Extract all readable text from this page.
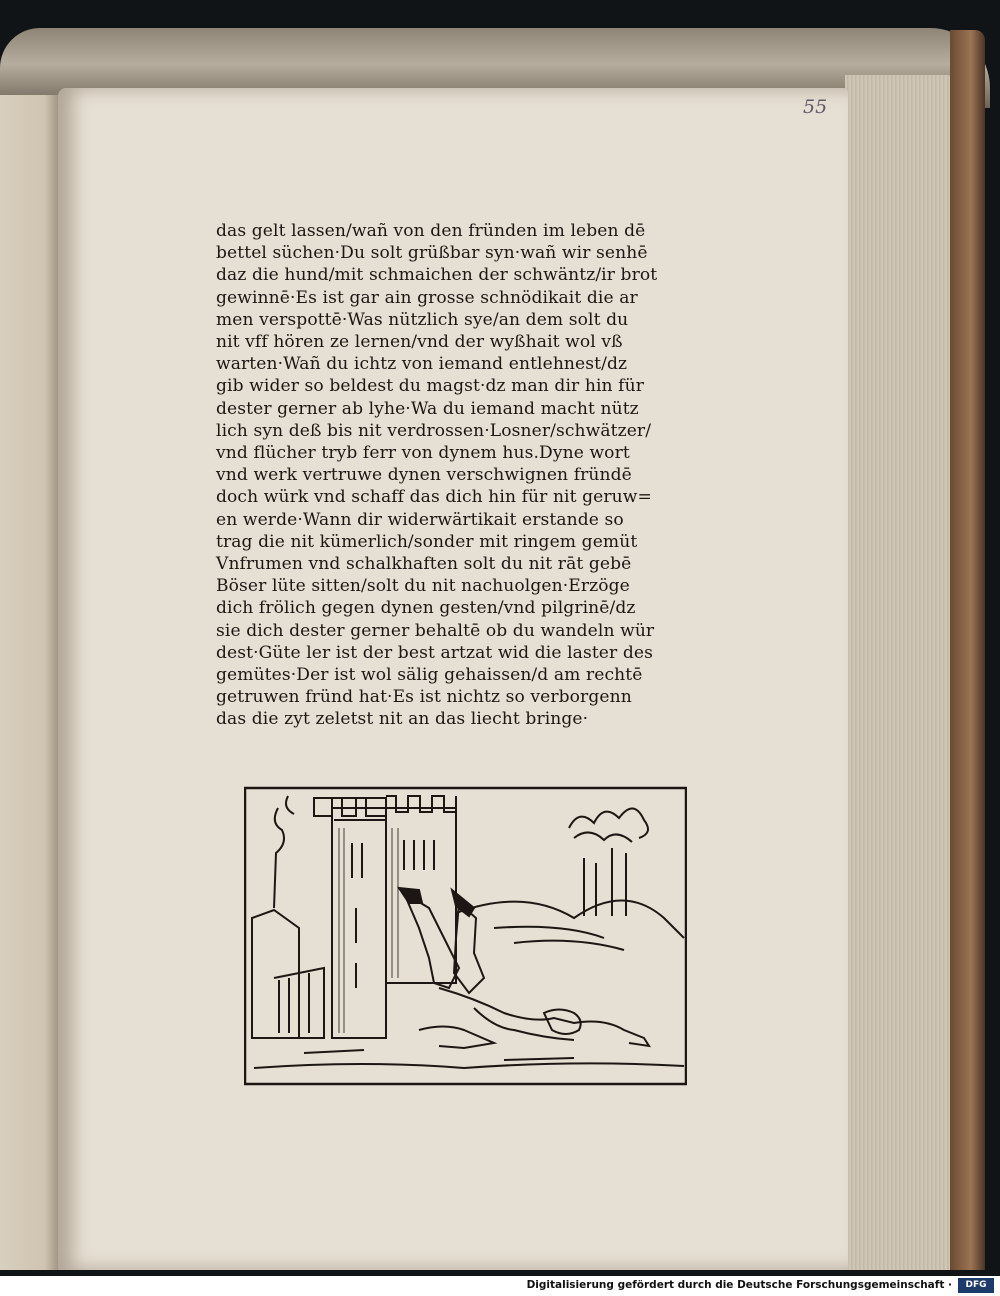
55
das gelt lassen/wañ von den fründen im leben dē
bettel süchen·Du solt grüßbar syn·wañ wir senhē
daz die hund/mit schmaichen der schwäntz/ir brot
gewinnē·Es ist gar ain grosse schnödikait die ar
men verspottē·Was nützlich sye/an dem solt du
nit vff hören ze lernen/vnd der wyßhait wol vß
warten·Wañ du ichtz von iemand entlehnest/dz
gib wider so beldest du magst·dz man dir hin für
dester gerner ab lyhe·Wa du iemand macht nütz
lich syn deß bis nit verdrossen·Losner/schwätzer/
vnd flücher tryb ferr von dynem hus.Dyne wort
vnd werk vertruwe dynen verschwignen fründē
doch würk vnd schaff das dich hin für nit geruw=
en werde·Wann dir widerwärtikait erstande so
trag die nit kümerlich/sonder mit ringem gemüt
Vnfrumen vnd schalkhaften solt du nit rāt gebē
Böser lüte sitten/solt du nit nachuolgen·Erzöge
dich frölich gegen dynen gesten/vnd pilgrinē/dz
sie dich dester gerner behaltē ob du wandeln wür
dest·Güte ler ist der best artzat wid die laster des
gemütes·Der ist wol sälig gehaissen/d am rechtē
getruwen fründ hat·Es ist nichtz so verborgenn
das die zyt zeletst nit an das liecht bringe·
Digitalisierung gefördert durch die Deutsche Forschungsgemeinschaft ·	DFG
